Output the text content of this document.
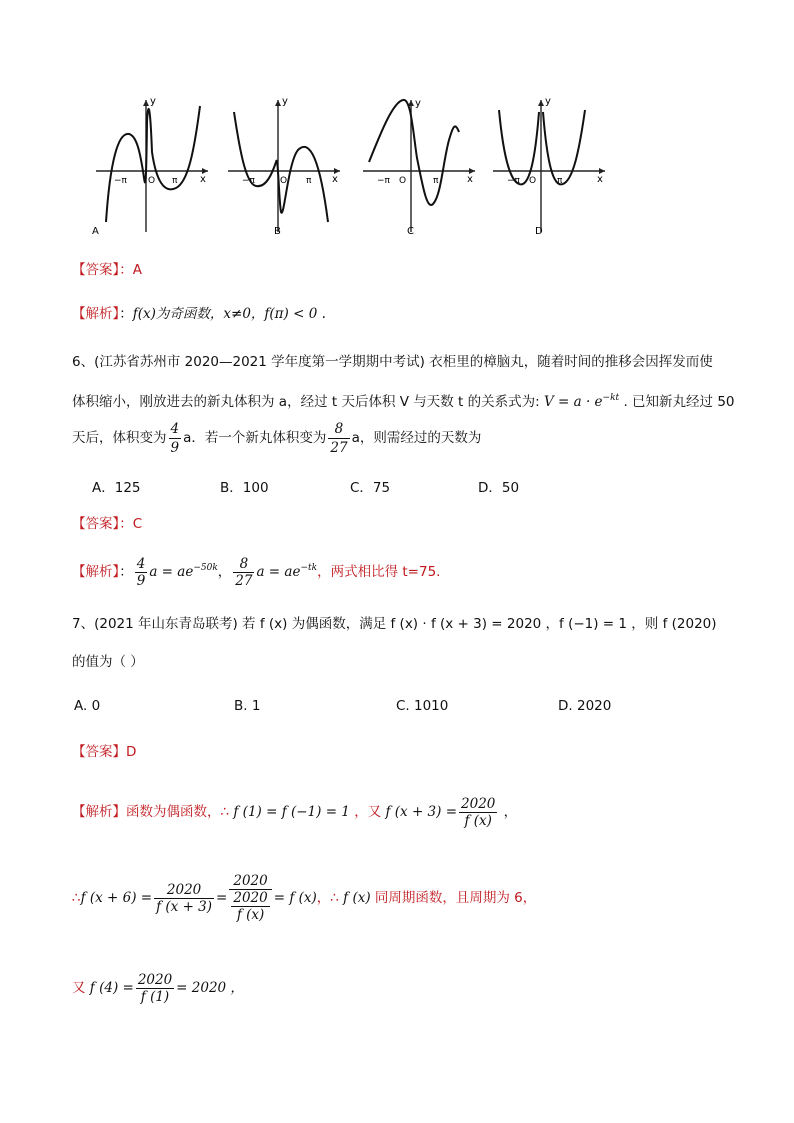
y
x
−π O π
A
y
x
−π	O π
B
y
x
−π O	π
C
y
x
−π O π
D
【答案】：A
【解析】：f(x)为奇函数，x≠0，f(π) < 0 .
6、(江苏省苏州市 2020—2021 学年度第一学期期中考试) 衣柜里的樟脑丸，随着时间的推移会因挥发而使
体积缩小，刚放进去的新丸体积为 a，经过 t 天后体积 V 与天数 t 的关系式为: $V = a \cdot e^{-kt}$ . 已知新丸经过 50
天后，体积变为 $\frac{4}{9}$ a．若一个新丸体积变为 $\frac{8}{27}$ a，则需经过的天数为
A．125	B．100	C．75	D．50
【答案】：C
【解析】： $\frac{4}{9}$ $a = ae^{-50k}$， $\frac{8}{27}$ $a = ae^{-tk}$，两式相比得 t=75.
7、(2021 年山东青岛联考) 若 f (x) 为偶函数，满足 f (x) · f (x + 3) = 2020 ，f (−1) = 1 ，则 f (2020)
的值为（ ）
A. 0	B. 1	C. 1010	D. 2020
【答案】D
【解析】函数为偶函数，∴ f (1) = f (−1) = 1 ，又 f $(x + 3) = \frac{2020}{f (x)}$ ，
∴f $(x + 6) = \frac{2020}{f (x + 3)} = \frac{2020}{\frac{2020}{f (x)}} = f$ (x)，∴ f (x) 同周期函数，且周期为 6，
又 f $(4) = \frac{2020}{f (1)} = 2020$ ，
